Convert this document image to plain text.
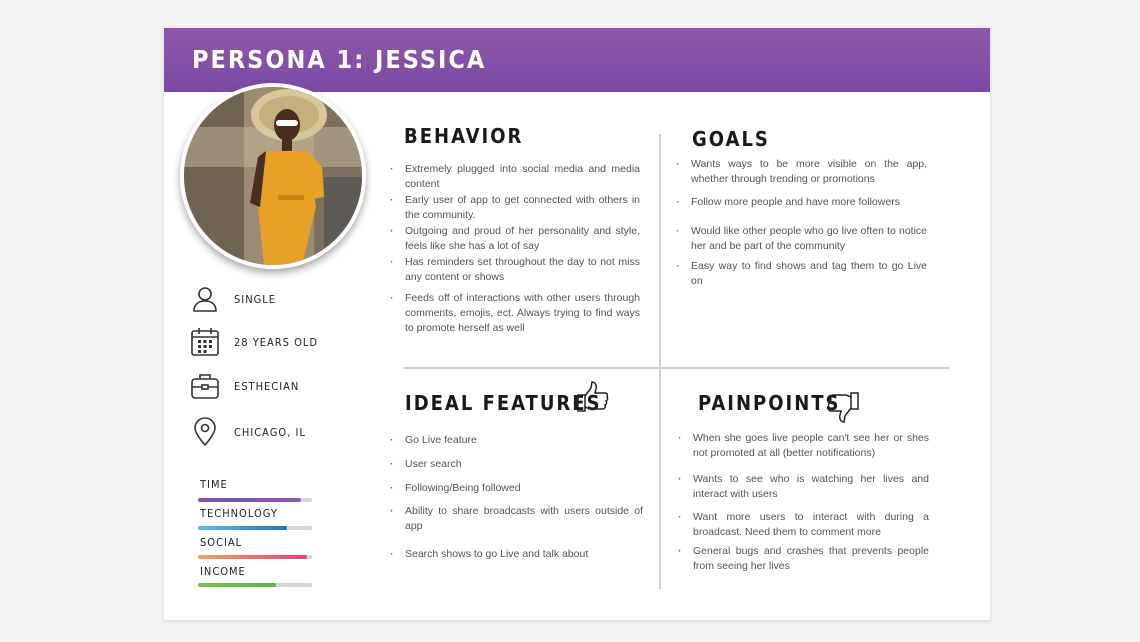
PERSONA 1: JESSICA
SINGLE
28 YEARS OLD
ESTHECIAN
CHICAGO, IL
TIME
TECHNOLOGY
SOCIAL
INCOME
BEHAVIOR
· Extremely plugged into social media and media content
· Early user of app to get connected with others in the community.
· Outgoing and proud of her personality and style, feels like she has a lot of say
· Has reminders set throughout the day to not miss any content or shows
· Feeds off of interactions with other users through comments, emojis, ect. Always trying to find ways to promote herself as well
GOALS
· Wants ways to be more visible on the app, whether through trending or promotions
· Follow more people and have more followers
· Would like other people who go live often to notice her and be part of the community
· Easy way to find shows and tag them to go Live on
IDEAL FEATURES
· Go Live feature
· User search
· Following/Being followed
· Ability to share broadcasts with users outside of app
· Search shows to go Live and talk about
PAINPOINTS
· When she goes live people can't see her or shes not promoted at all (better notifications)
· Wants to see who is watching her lives and interact with users
· Want more users to interact with during a broadcast. Need them to comment more
· General bugs and crashes that prevents people from seeing her lives
